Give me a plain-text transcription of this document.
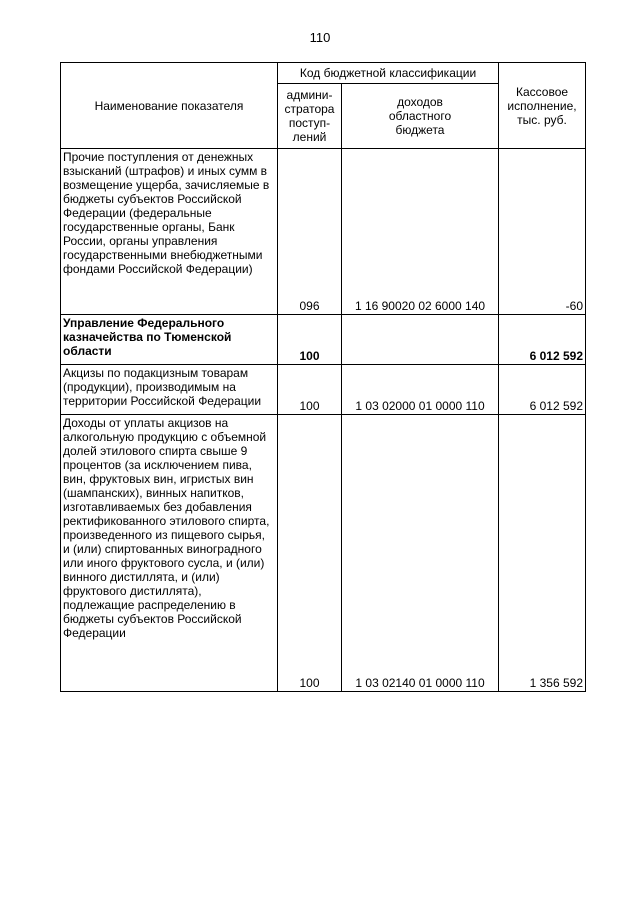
110
Наименование показателя	Код бюджетной классификации		Кассовое
исполнение,
тыс. руб.
	админи-
стратора
поступ-
лений	доходов
областного
бюджета	
Прочие поступления от денежных взысканий (штрафов) и иных сумм в возмещение ущерба, зачисляемые в бюджеты субъектов Российской Федерации (федеральные государственные органы, Банк России, органы управления государственными внебюджетными фондами Российской Федерации)	096	1 16 90020 02 6000 140	-60
Управление Федерального казначейства по Тюменской области	100		6 012 592

Акцизы по подакцизным товарам (продукции), производимым на территории Российской Федерации	100	1 03 02000 01 0000 110	6 012 592
Доходы от уплаты акцизов на алкогольную продукцию с объемной долей этилового спирта свыше 9 процентов (за исключением пива, вин, фруктовых вин, игристых вин (шампанских), винных напитков, изготавливаемых без добавления ректификованного этилового спирта, произведенного из пищевого сырья, и (или) спиртованных виноградного или иного фруктового сусла, и (или) винного дистиллята, и (или) фруктового дистиллята), подлежащие распределению в бюджеты субъектов Российской Федерации	100	1 03 02140 01 0000 110	1 356 592
